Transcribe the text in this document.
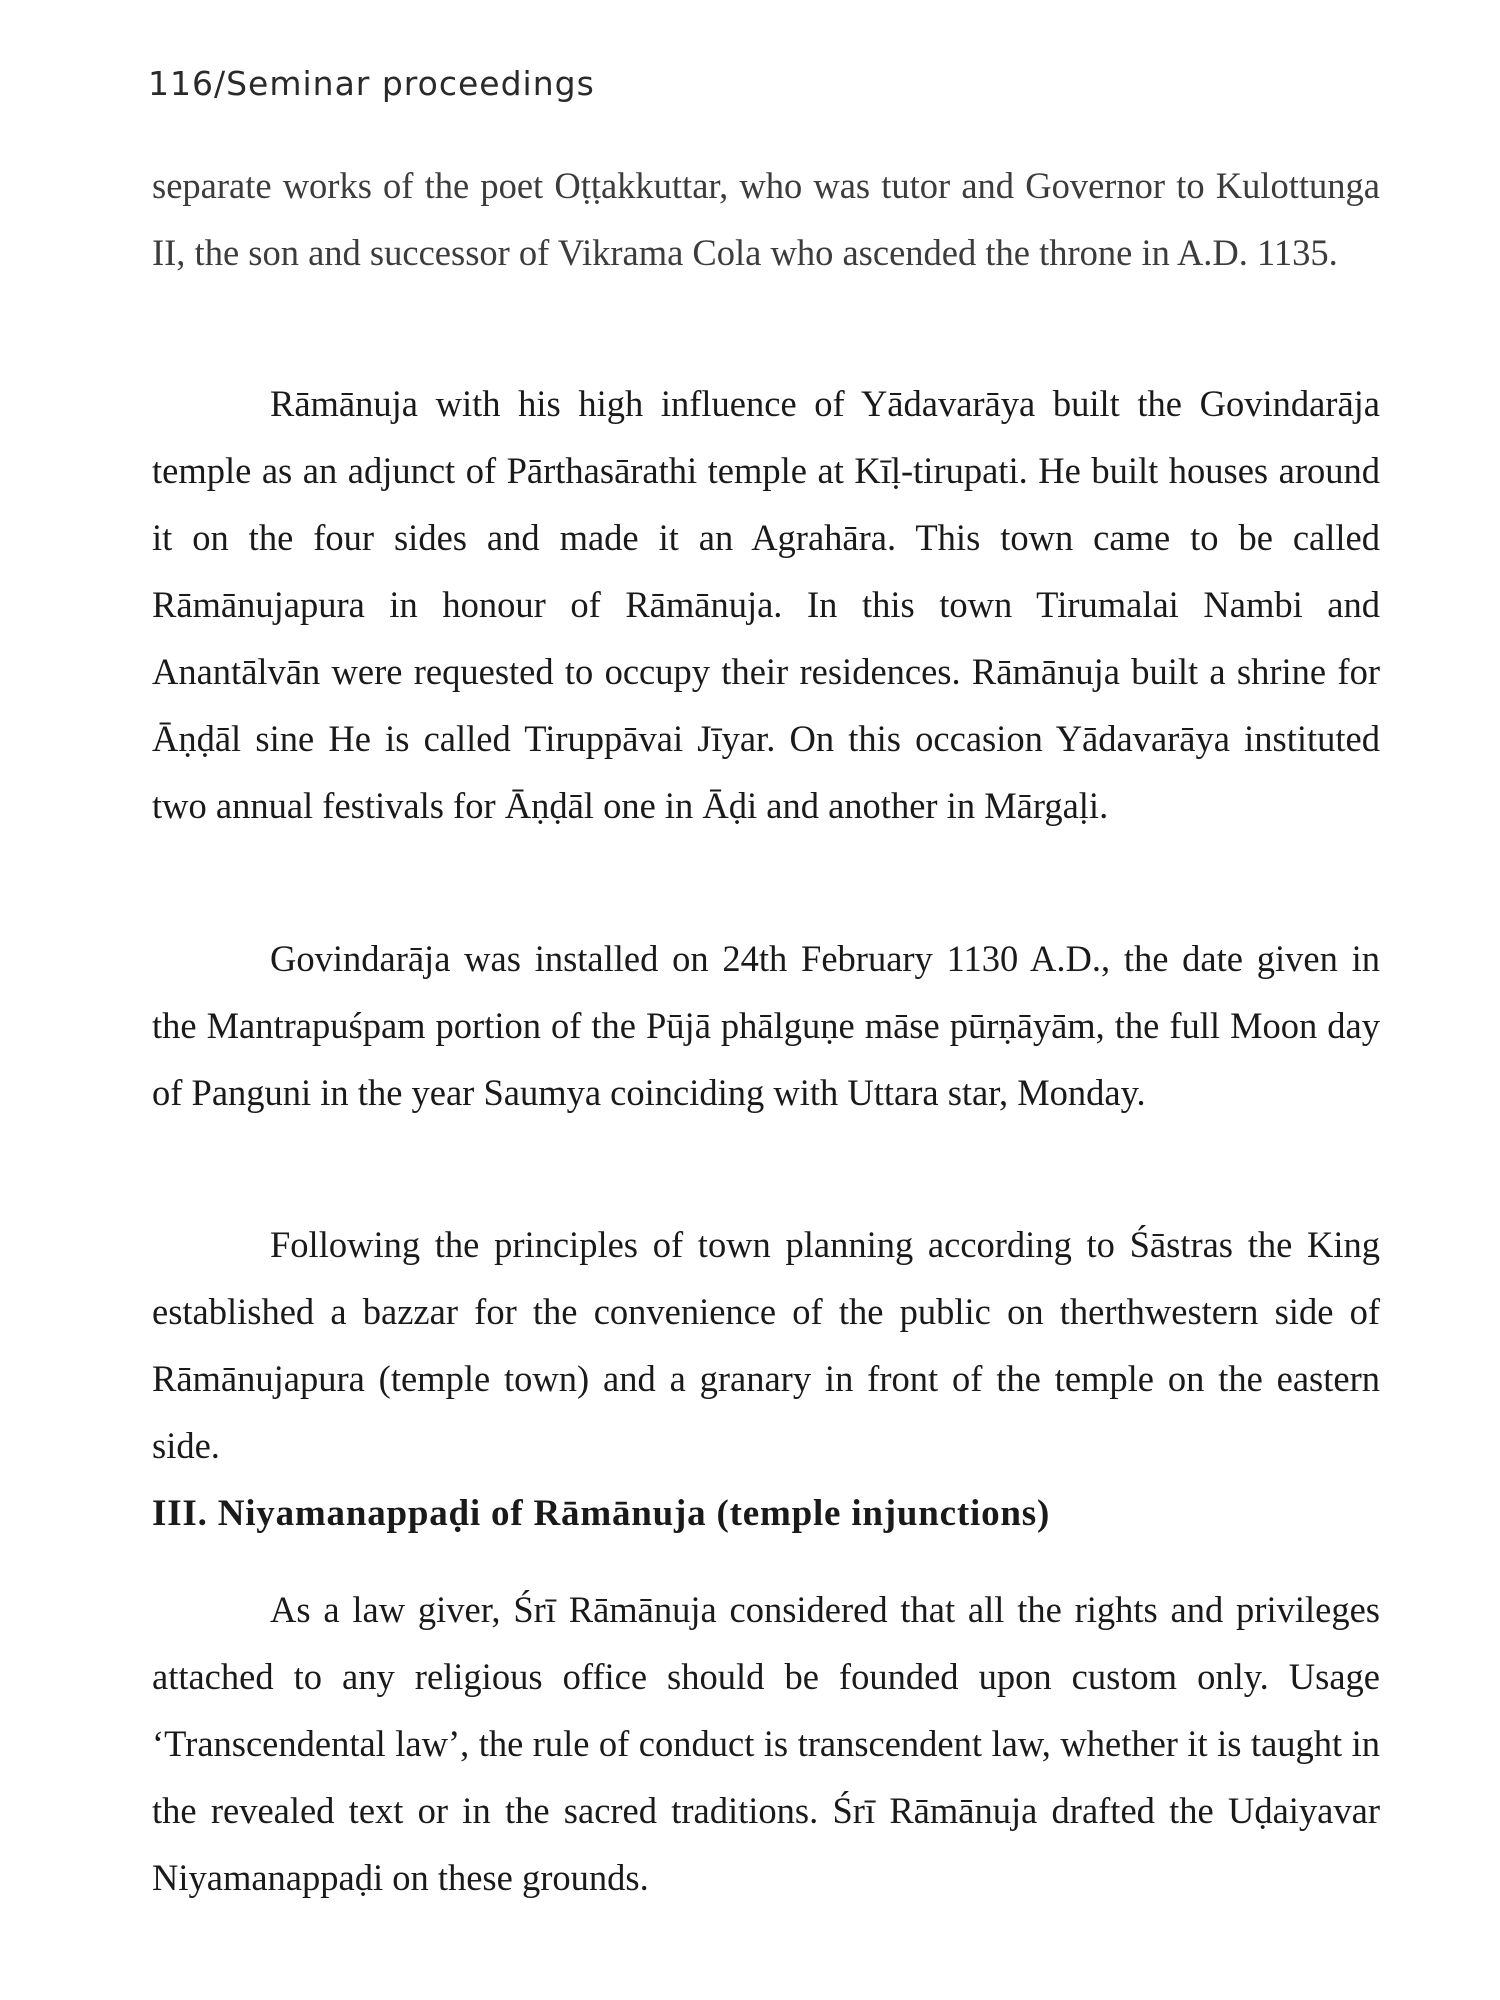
116/Seminar proceedings

separate works of the poet Oṭṭakkuttar, who was tutor and Governor to Kulottunga II, the son and successor of Vikrama Cola who ascended the throne in A.D. 1135.

Rāmānuja with his high influence of Yādavarāya built the Govindarāja temple as an adjunct of Pārthasārathi temple at Kīḷ-tirupati. He built houses around it on the four sides and made it an Agrahāra. This town came to be called Rāmānujapura in honour of Rāmānuja. In this town Tirumalai Nambi and Anantālvān were requested to occupy their residences. Rāmānuja built a shrine for Āṇḍāl sine He is called Tiruppāvai Jīyar. On this occasion Yādavarāya instituted two annual festivals for Āṇḍāl one in Āḍi and another in Mārgaḷi.

Govindarāja was installed on 24th February 1130 A.D., the date given in the Mantrapuśpam portion of the Pūjā phālguṇe māse pūrṇāyām, the full Moon day of Panguni in the year Saumya coinciding with Uttara star, Monday.

Following the principles of town planning according to Śāstras the King established a bazzar for the convenience of the public on therthwestern side of Rāmānujapura (temple town) and a granary in front of the temple on the eastern side.

III. Niyamanappaḍi of Rāmānuja (temple injunctions)

As a law giver, Śrī Rāmānuja considered that all the rights and privileges attached to any religious office should be founded upon custom only. Usage ‘Transcendental law’, the rule of conduct is transcendent law, whether it is taught in the revealed text or in the sacred traditions. Śrī Rāmānuja drafted the Uḍaiyavar Niyamanappaḍi on these grounds.
